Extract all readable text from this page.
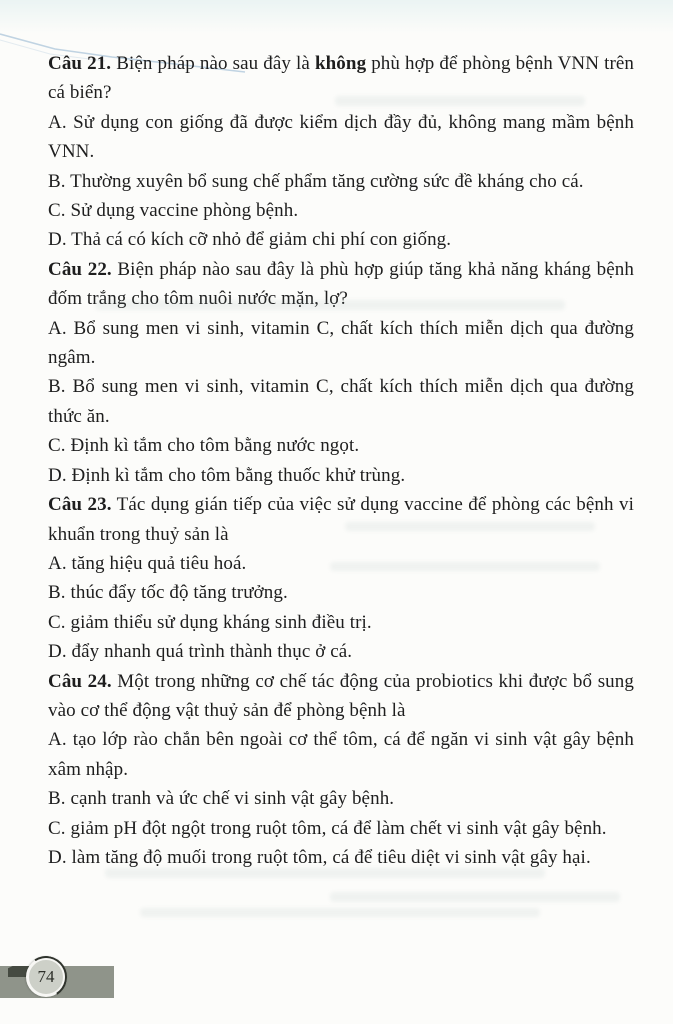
Câu 21. Biện pháp nào sau đây là không phù hợp để phòng bệnh VNN trên cá biển?

A. Sử dụng con giống đã được kiểm dịch đầy đủ, không mang mầm bệnh VNN.

B. Thường xuyên bổ sung chế phẩm tăng cường sức đề kháng cho cá.

C. Sử dụng vaccine phòng bệnh.

D. Thả cá có kích cỡ nhỏ để giảm chi phí con giống.

Câu 22. Biện pháp nào sau đây là phù hợp giúp tăng khả năng kháng bệnh đốm trắng cho tôm nuôi nước mặn, lợ?

A. Bổ sung men vi sinh, vitamin C, chất kích thích miễn dịch qua đường ngâm.

B. Bổ sung men vi sinh, vitamin C, chất kích thích miễn dịch qua đường thức ăn.

C. Định kì tắm cho tôm bằng nước ngọt.

D. Định kì tắm cho tôm bằng thuốc khử trùng.

Câu 23. Tác dụng gián tiếp của việc sử dụng vaccine để phòng các bệnh vi khuẩn trong thuỷ sản là

A. tăng hiệu quả tiêu hoá.

B. thúc đẩy tốc độ tăng trưởng.

C. giảm thiểu sử dụng kháng sinh điều trị.

D. đẩy nhanh quá trình thành thục ở cá.

Câu 24. Một trong những cơ chế tác động của probiotics khi được bổ sung vào cơ thể động vật thuỷ sản để phòng bệnh là

A. tạo lớp rào chắn bên ngoài cơ thể tôm, cá để ngăn vi sinh vật gây bệnh xâm nhập.

B. cạnh tranh và ức chế vi sinh vật gây bệnh.

C. giảm pH đột ngột trong ruột tôm, cá để làm chết vi sinh vật gây bệnh.

D. làm tăng độ muối trong ruột tôm, cá để tiêu diệt vi sinh vật gây hại.

74
